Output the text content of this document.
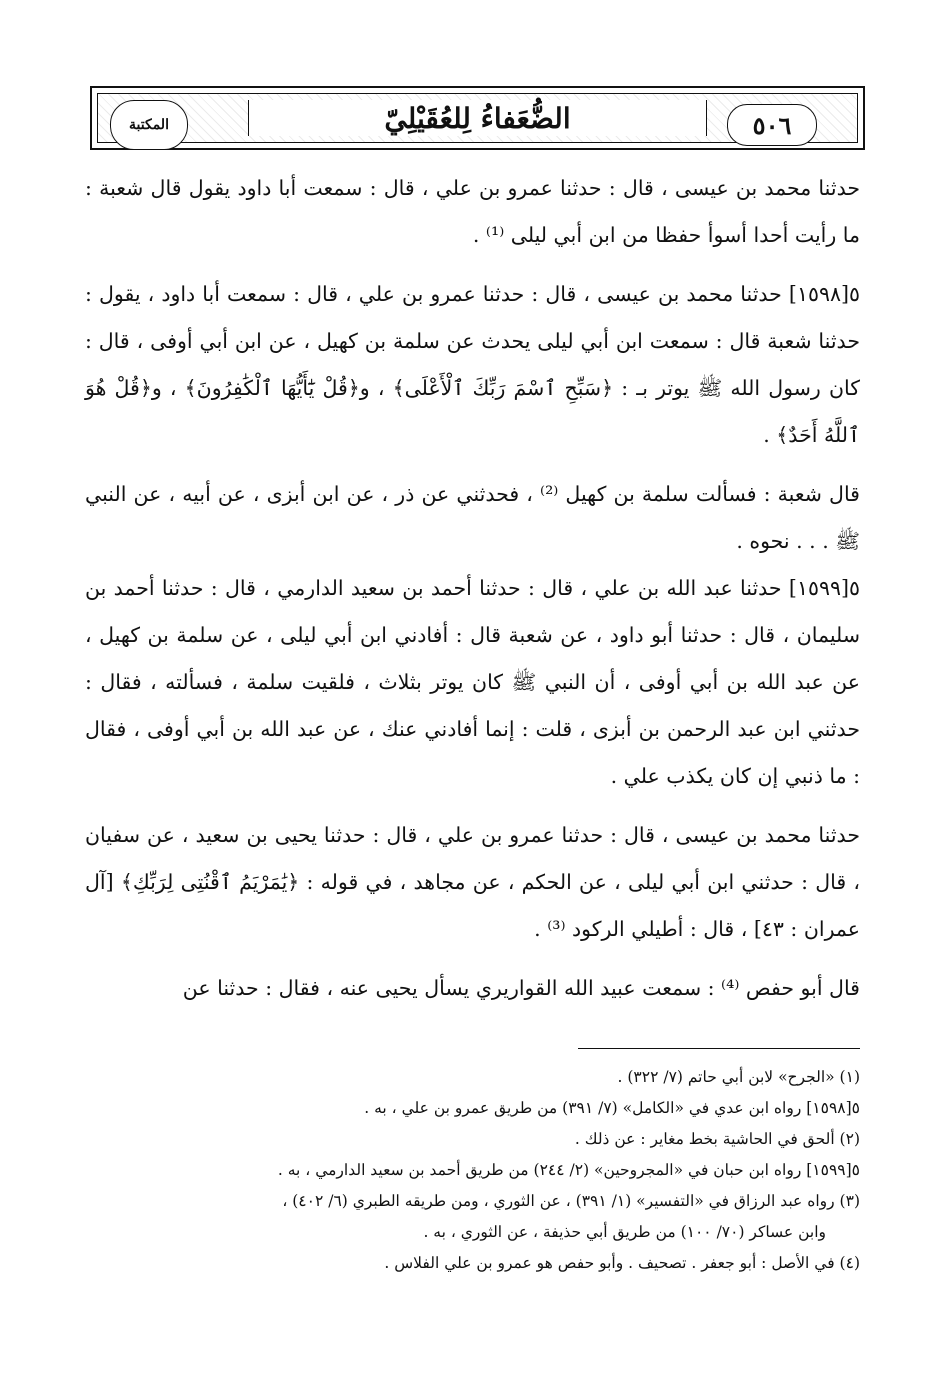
المكتبة	الضُّعَفاءُ لِلعُقَيْلِيّ	٥٠٦

حدثنا محمد بن عيسى ، قال : حدثنا عمرو بن علي ، قال : سمعت أبا داود يقول قال شعبة : ما رأيت أحدا أسوأ حفظا من ابن أبي ليلى ⁽¹⁾ .

٥[١٥٩٨] حدثنا محمد بن عيسى ، قال : حدثنا عمرو بن علي ، قال : سمعت أبا داود ، يقول : حدثنا شعبة قال : سمعت ابن أبي ليلى يحدث عن سلمة بن كهيل ، عن ابن أبي أوفى ، قال : كان رسول الله ﷺ يوتر بـ : ﴿سَبِّحِ ٱسْمَ رَبِّكَ ٱلْأَعْلَى﴾ ، و﴿قُلْ يَٰٓأَيُّهَا ٱلْكَٰفِرُونَ﴾ ، و﴿قُلْ هُوَ ٱللَّهُ أَحَدٌ﴾ .

قال شعبة : فسألت سلمة بن كهيل ⁽²⁾ ، فحدثني عن ذر ، عن ابن أبزى ، عن أبيه ، عن النبي ﷺ . . . نحوه .

٥[١٥٩٩] حدثنا عبد الله بن علي ، قال : حدثنا أحمد بن سعيد الدارمي ، قال : حدثنا أحمد بن سليمان ، قال : حدثنا أبو داود ، عن شعبة قال : أفادني ابن أبي ليلى ، عن سلمة بن كهيل ، عن عبد الله بن أبي أوفى ، أن النبي ﷺ كان يوتر بثلاث ، فلقيت سلمة ، فسألته ، فقال : حدثني ابن عبد الرحمن بن أبزى ، قلت : إنما أفادني عنك ، عن عبد الله بن أبي أوفى ، فقال : ما ذنبي إن كان يكذب علي .

حدثنا محمد بن عيسى ، قال : حدثنا عمرو بن علي ، قال : حدثنا يحيى بن سعيد ، عن سفيان ، قال : حدثني ابن أبي ليلى ، عن الحكم ، عن مجاهد ، في قوله : ﴿يَٰمَرْيَمُ ٱقْنُتِى لِرَبِّكِ﴾ [آل عمران : ٤٣] ، قال : أطيلي الركود ⁽³⁾ .

قال أبو حفص ⁽⁴⁾ : سمعت عبيد الله القواريري يسأل يحيى عنه ، فقال : حدثنا عن

(١) «الجرح» لابن أبي حاتم (٧/ ٣٢٢) .
٥[١٥٩٨] رواه ابن عدي في «الكامل» (٧/ ٣٩١) من طريق عمرو بن علي ، به .
(٢) ألحق في الحاشية بخط مغاير : عن ذلك .
٥[١٥٩٩] رواه ابن حبان في «المجروحين» (٢/ ٢٤٤) من طريق أحمد بن سعيد الدارمي ، به .
(٣) رواه عبد الرزاق في «التفسير» (١/ ٣٩١) ، عن الثوري ، ومن طريقه الطبري (٦/ ٤٠٢) ،
وابن عساكر (٧٠/ ١٠٠) من طريق أبي حذيفة ، عن الثوري ، به .
(٤) في الأصل : أبو جعفر . تصحيف . وأبو حفص هو عمرو بن علي الفلاس .
